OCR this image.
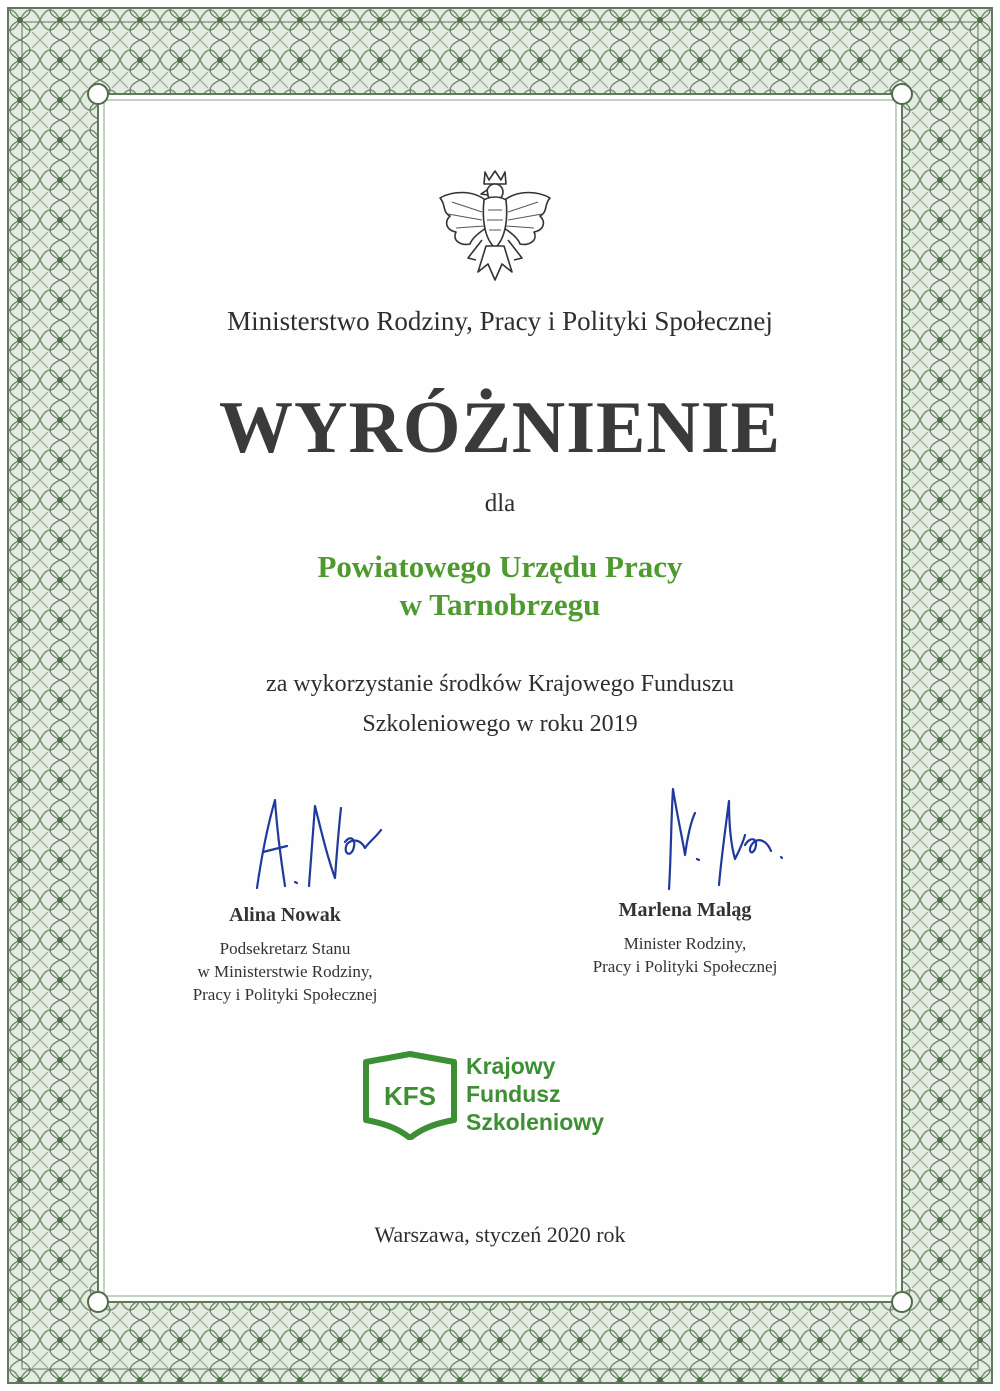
Ministerstwo Rodziny, Pracy i Polityki Społecznej
WYRÓŻNIENIE
dla
Powiatowego Urzędu Pracy
w Tarnobrzegu
za wykorzystanie środków Krajowego Funduszu
Szkoleniowego w roku 2019
Alina Nowak
Podsekretarz Stanu
w Ministerstwie Rodziny,
Pracy i Polityki Społecznej
Marlena Maląg
Minister Rodziny,
Pracy i Polityki Społecznej
KFS
Krajowy
Fundusz
Szkoleniowy
Warszawa, styczeń 2020 rok
